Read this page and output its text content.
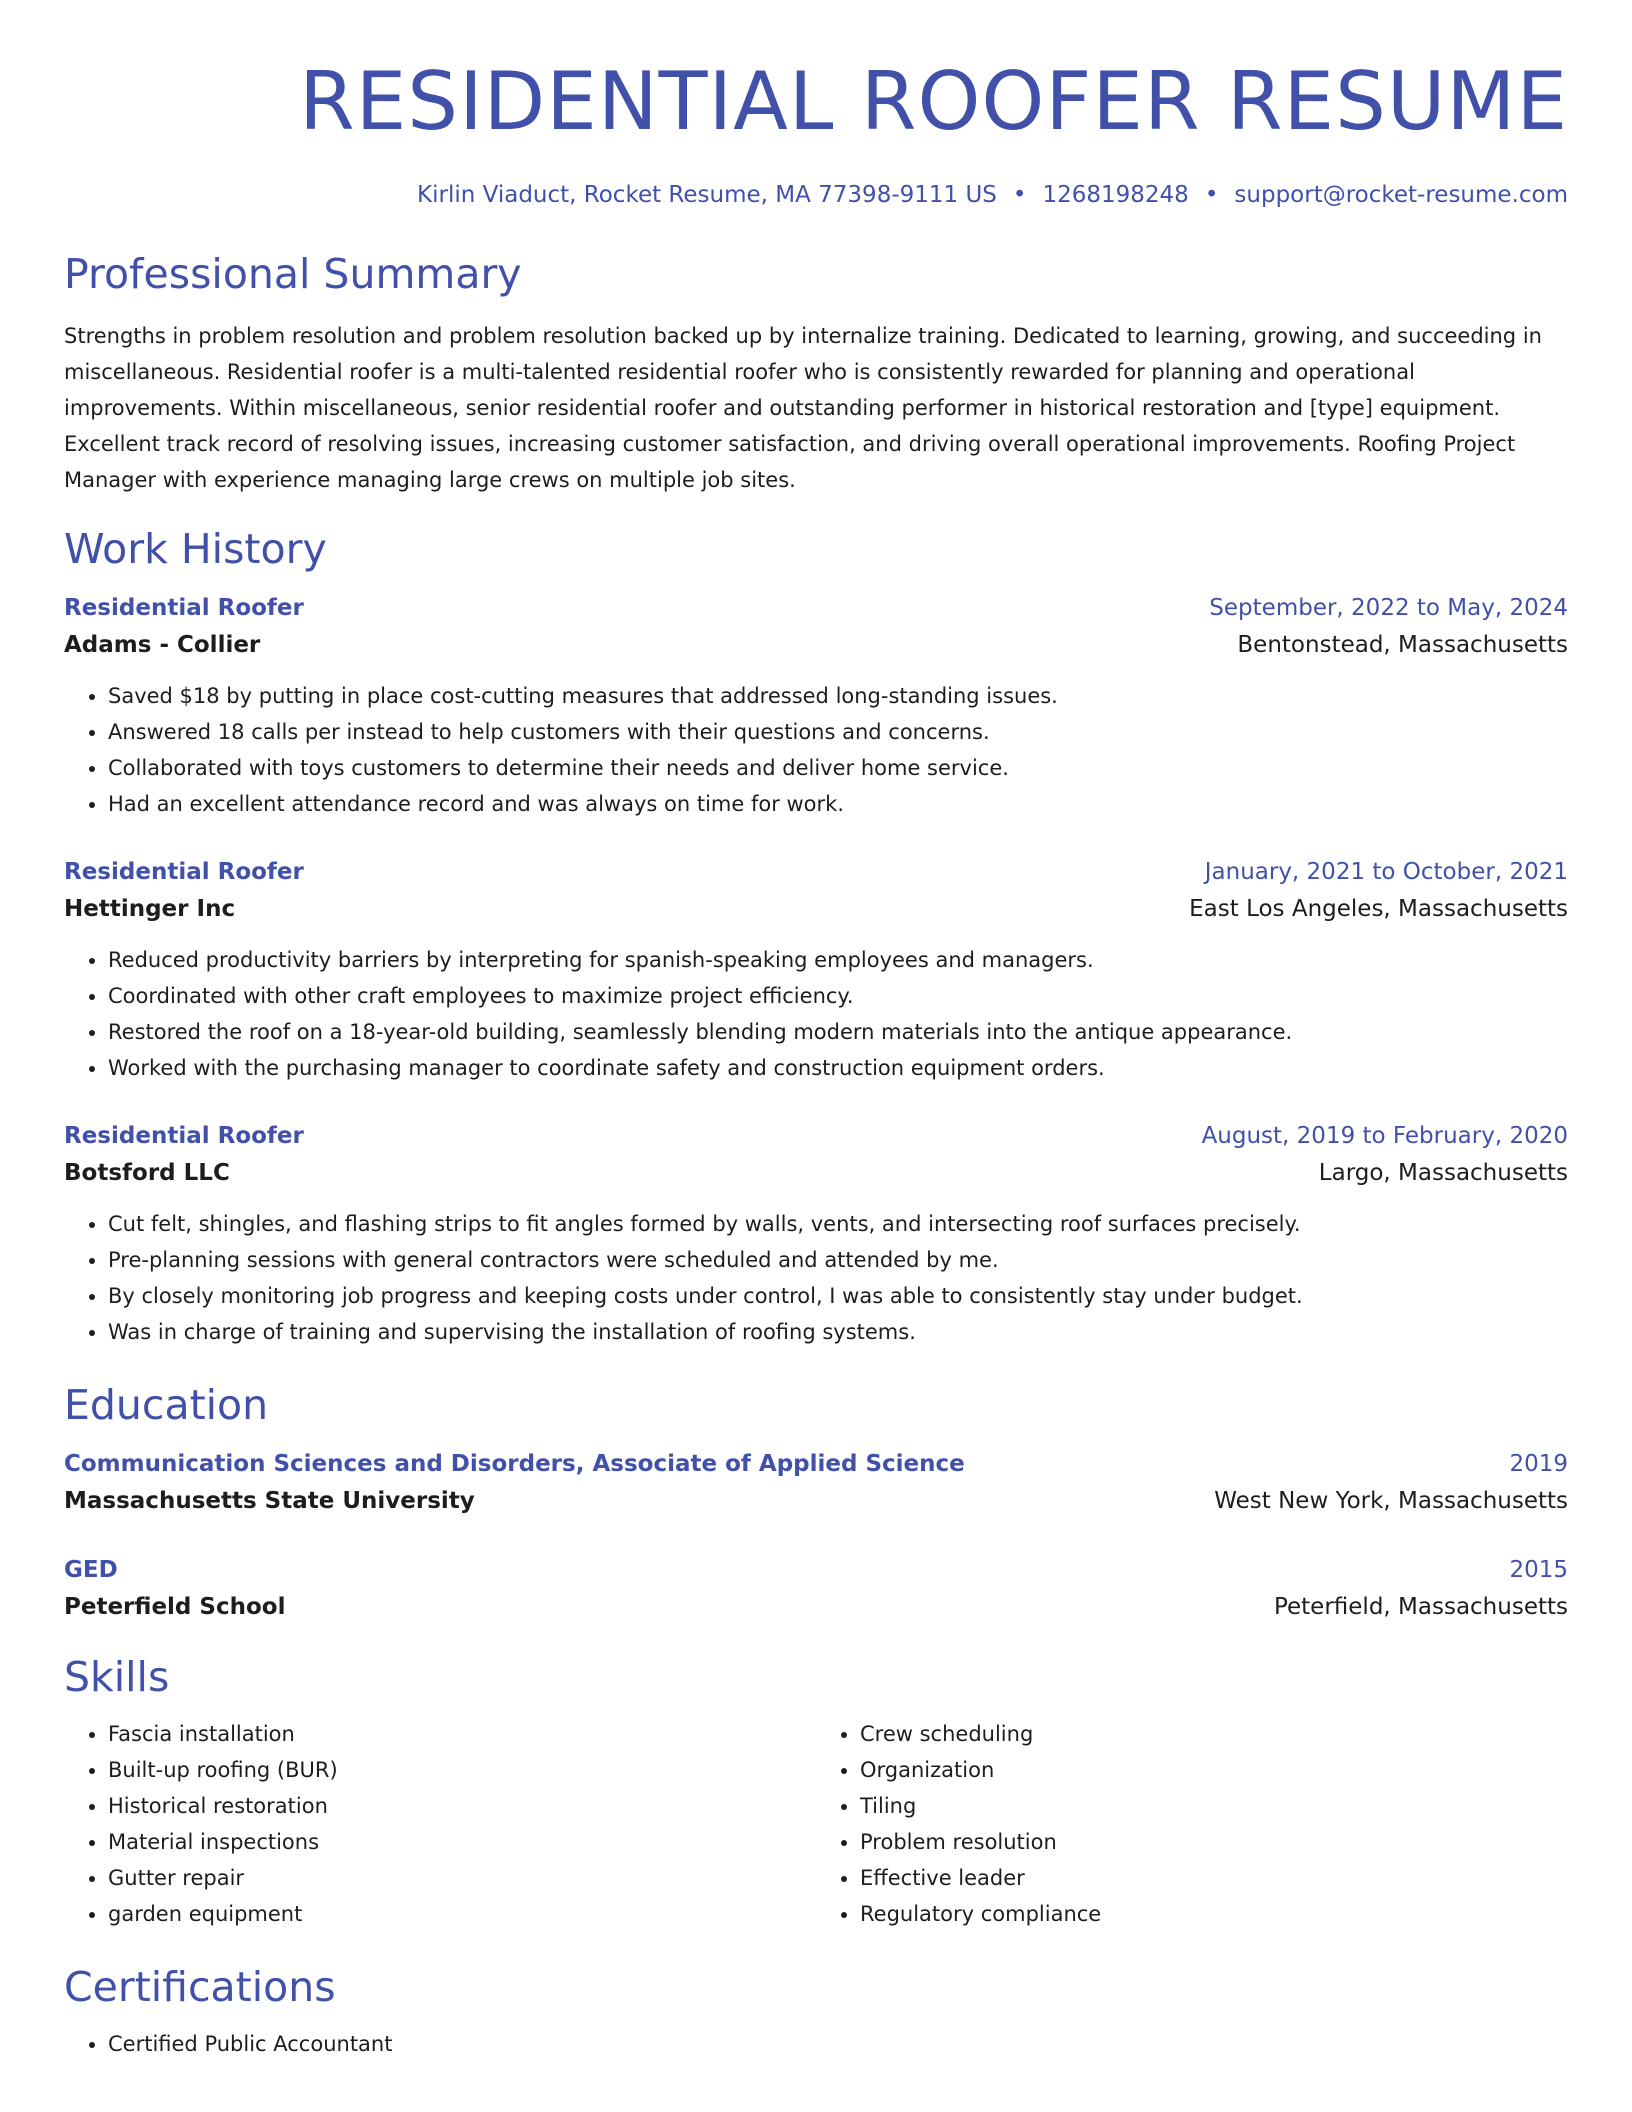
RESIDENTIAL ROOFER RESUME
Kirlin Viaduct, Rocket Resume, MA 77398-9111 US • 1268198248 • support@rocket-resume.com
Professional Summary
Strengths in problem resolution and problem resolution backed up by internalize training. Dedicated to learning, growing, and succeeding in miscellaneous. Residential roofer is a multi-talented residential roofer who is consistently rewarded for planning and operational improvements. Within miscellaneous, senior residential roofer and outstanding performer in historical restoration and [type] equipment. Excellent track record of resolving issues, increasing customer satisfaction, and driving overall operational improvements. Roofing Project Manager with experience managing large crews on multiple job sites.
Work History
Residential Roofer	September, 2022 to May, 2024
Adams - Collier	Bentonstead, Massachusetts
• Saved $18 by putting in place cost-cutting measures that addressed long-standing issues.
• Answered 18 calls per instead to help customers with their questions and concerns.
• Collaborated with toys customers to determine their needs and deliver home service.
• Had an excellent attendance record and was always on time for work.
Residential Roofer	January, 2021 to October, 2021
Hettinger Inc	East Los Angeles, Massachusetts
• Reduced productivity barriers by interpreting for spanish-speaking employees and managers.
• Coordinated with other craft employees to maximize project efficiency.
• Restored the roof on a 18-year-old building, seamlessly blending modern materials into the antique appearance.
• Worked with the purchasing manager to coordinate safety and construction equipment orders.
Residential Roofer	August, 2019 to February, 2020
Botsford LLC	Largo, Massachusetts
• Cut felt, shingles, and flashing strips to fit angles formed by walls, vents, and intersecting roof surfaces precisely.
• Pre-planning sessions with general contractors were scheduled and attended by me.
• By closely monitoring job progress and keeping costs under control, I was able to consistently stay under budget.
• Was in charge of training and supervising the installation of roofing systems.
Education
Communication Sciences and Disorders, Associate of Applied Science	2019
Massachusetts State University	West New York, Massachusetts
GED	2015
Peterfield School	Peterfield, Massachusetts
Skills
• Fascia installation
• Built-up roofing (BUR)
• Historical restoration
• Material inspections
• Gutter repair
• garden equipment
• Crew scheduling
• Organization
• Tiling
• Problem resolution
• Effective leader
• Regulatory compliance
Certifications
• Certified Public Accountant
